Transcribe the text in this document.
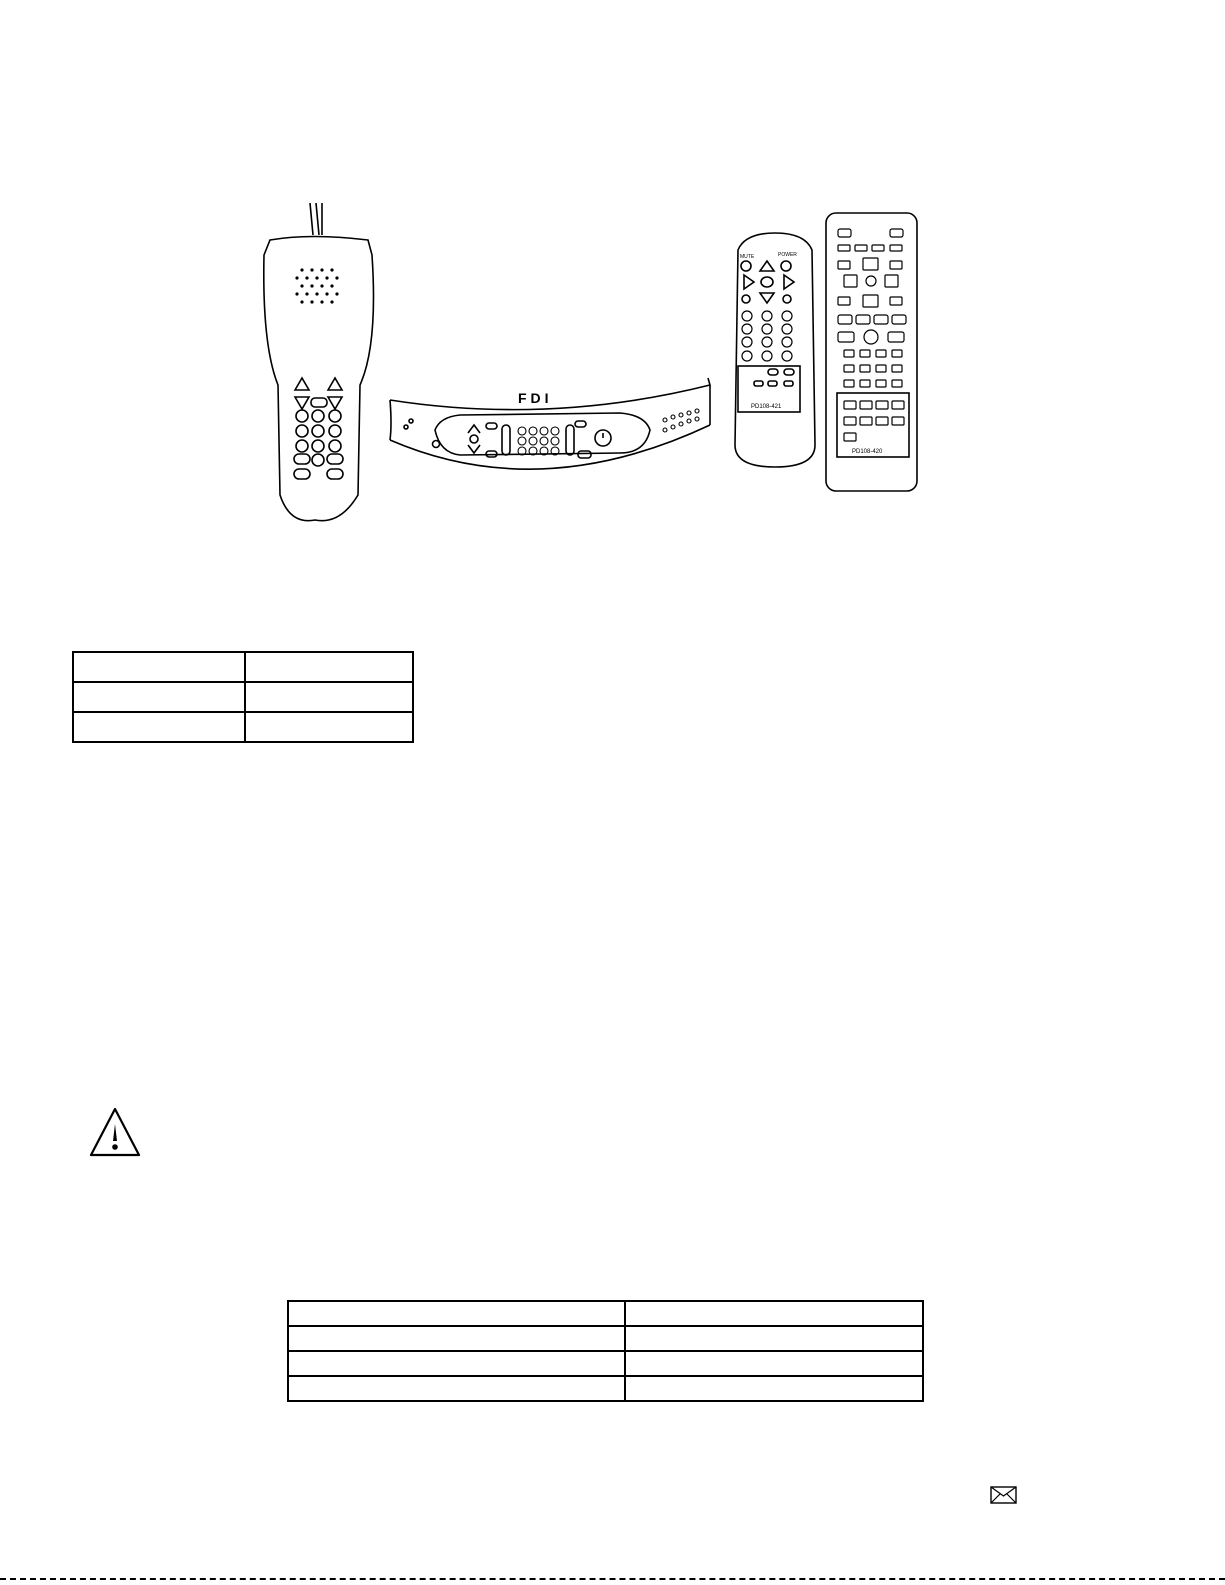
FDI
MUTE	POWER
PD108-421
PD108-420
